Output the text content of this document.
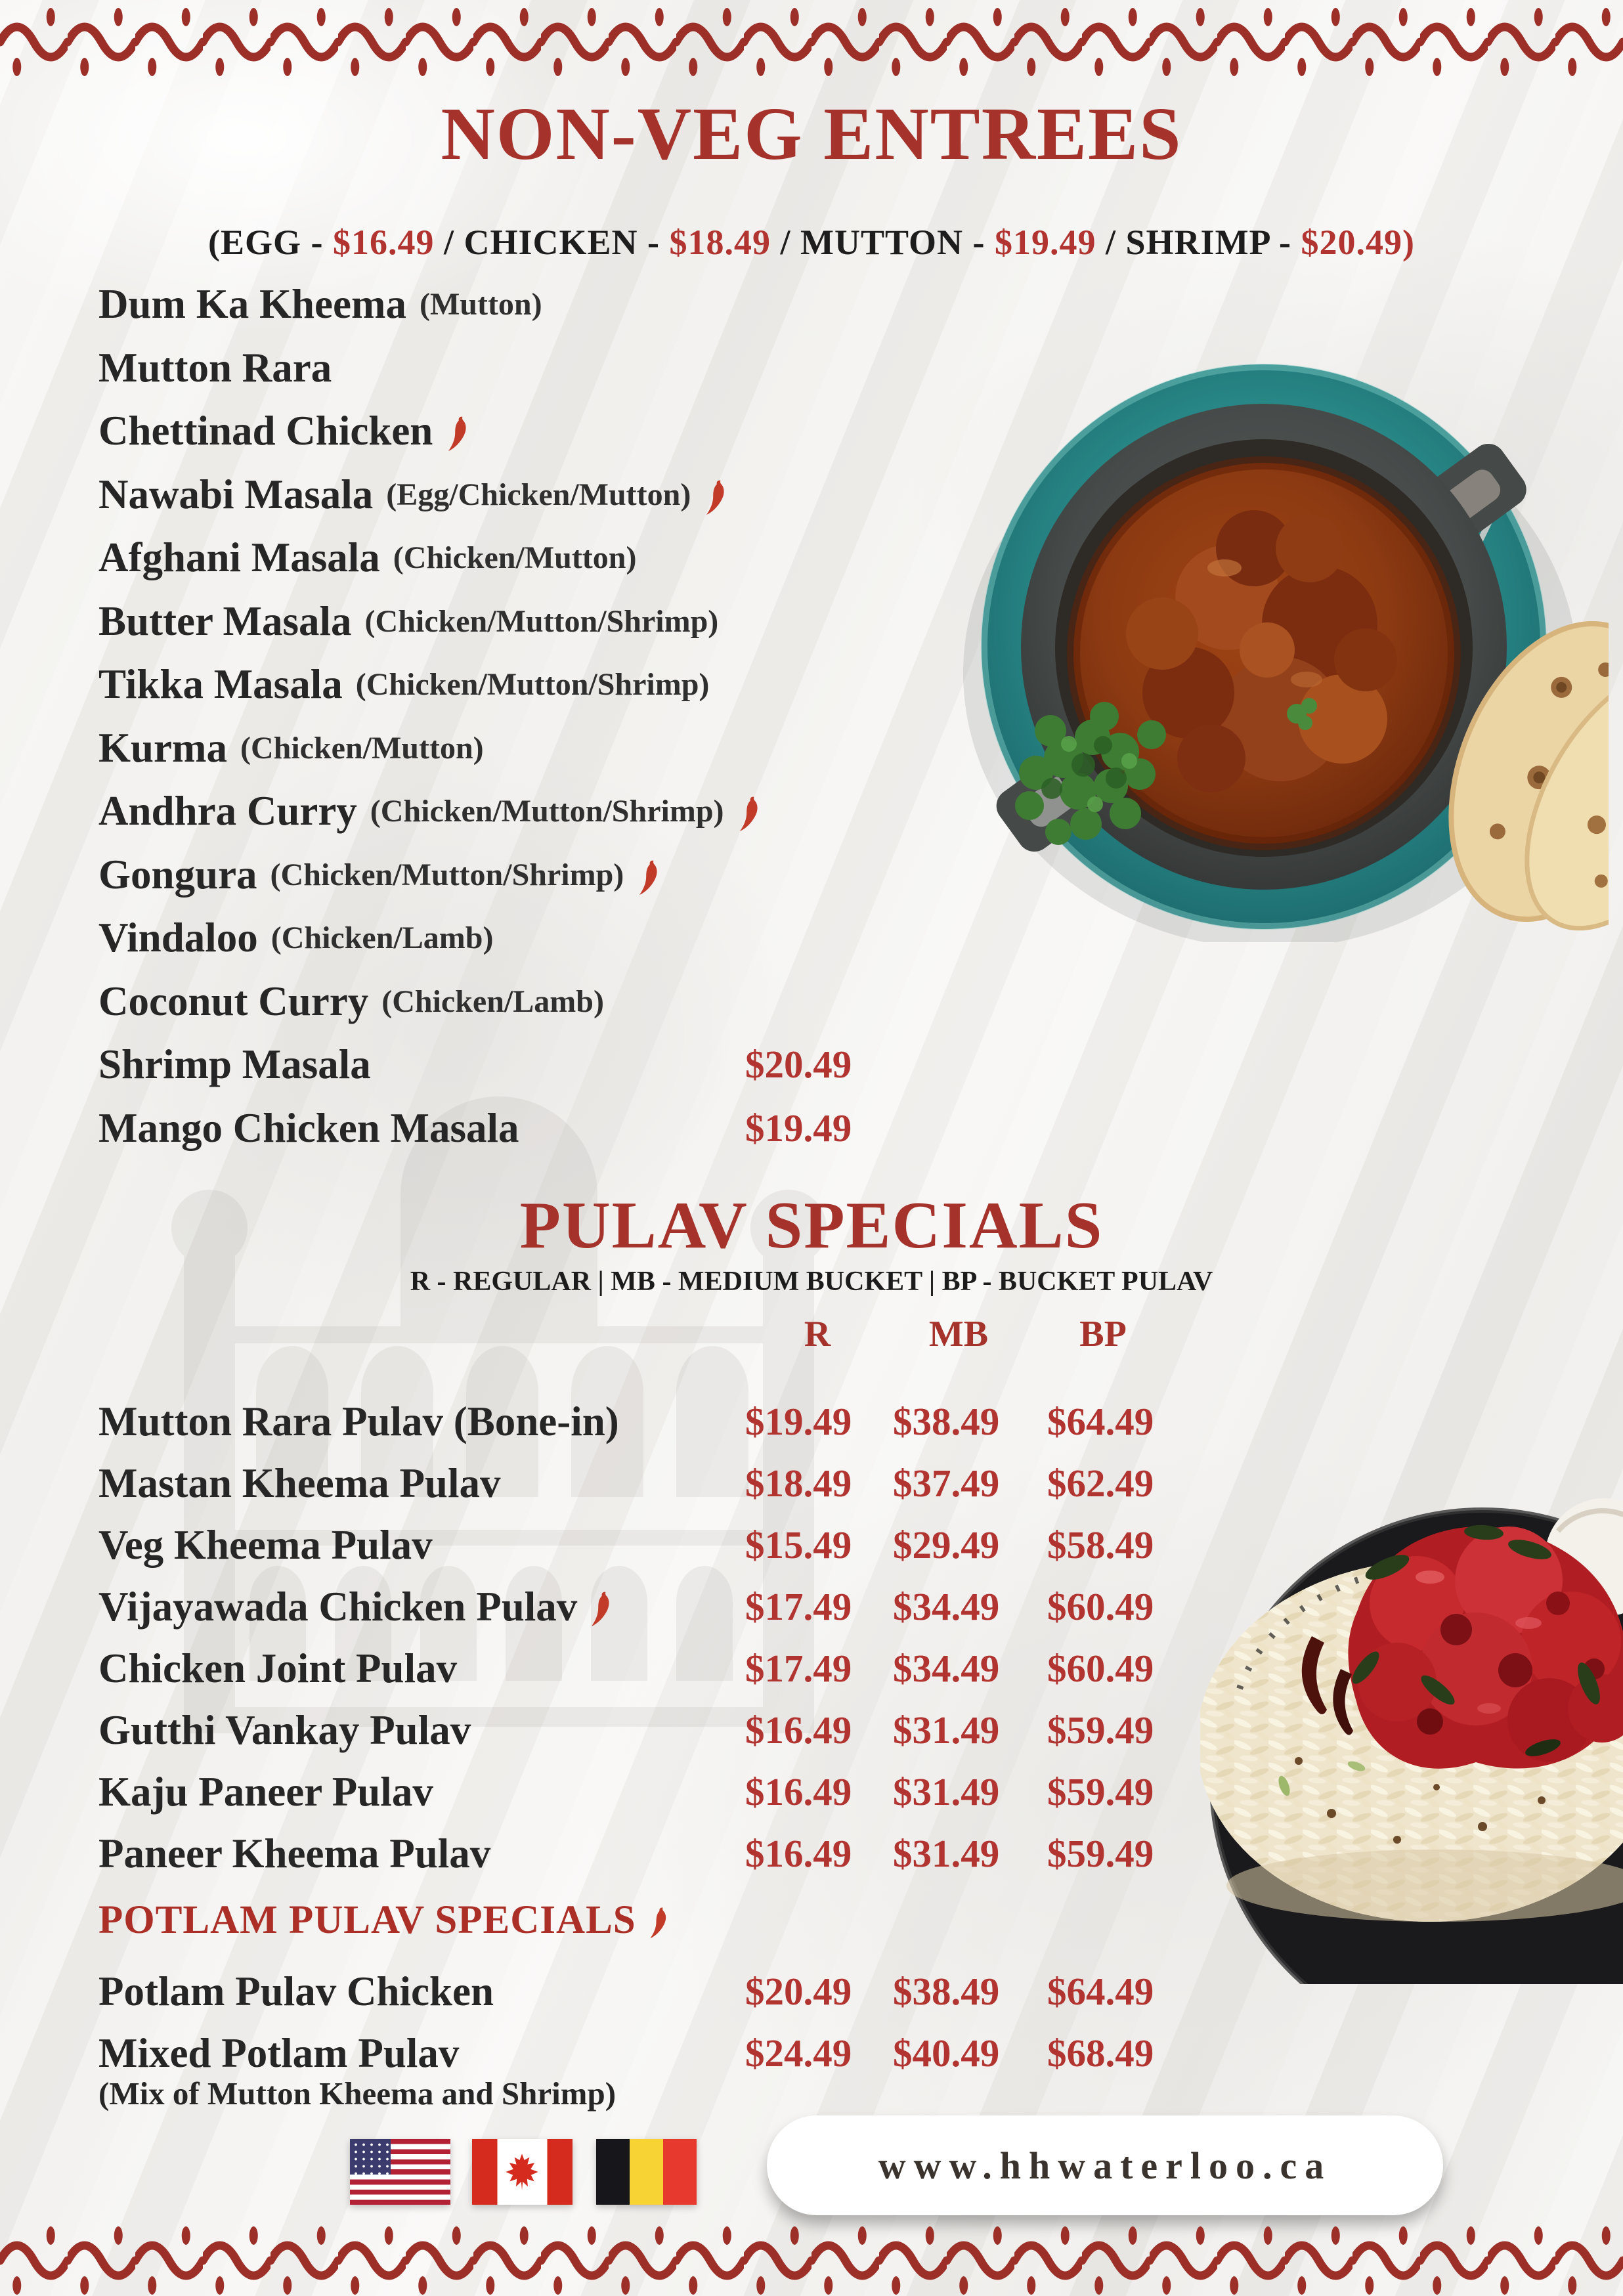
NON-VEG ENTREES
(EGG - $16.49 / CHICKEN - $18.49 / MUTTON - $19.49 / SHRIMP - $20.49)
Dum Ka Kheema (Mutton)
Mutton Rara
Chettinad Chicken
Nawabi Masala (Egg/Chicken/Mutton)
Afghani Masala (Chicken/Mutton)
Butter Masala (Chicken/Mutton/Shrimp)
Tikka Masala (Chicken/Mutton/Shrimp)
Kurma (Chicken/Mutton)
Andhra Curry (Chicken/Mutton/Shrimp)
Gongura (Chicken/Mutton/Shrimp)
Vindaloo (Chicken/Lamb)
Coconut Curry (Chicken/Lamb)
Shrimp Masala	$20.49
Mango Chicken Masala	$19.49
PULAV SPECIALS
R - REGULAR | MB - MEDIUM BUCKET | BP - BUCKET PULAV
R	MB	BP
Mutton Rara Pulav (Bone-in)	$19.49 $38.49 $64.49
Mastan Kheema Pulav	$18.49 $37.49 $62.49
Veg Kheema Pulav	$15.49 $29.49 $58.49
Vijayawada Chicken Pulav	$17.49 $34.49 $60.49
Chicken Joint Pulav	$17.49 $34.49 $60.49
Gutthi Vankay Pulav	$16.49 $31.49 $59.49
Kaju Paneer Pulav	$16.49 $31.49 $59.49
Paneer Kheema Pulav	$16.49 $31.49 $59.49
POTLAM PULAV SPECIALS
Potlam Pulav Chicken	$20.49 $38.49 $64.49
Mixed Potlam Pulav	$24.49 $40.49 $68.49
(Mix of Mutton Kheema and Shrimp)
www.hhwaterloo.ca
